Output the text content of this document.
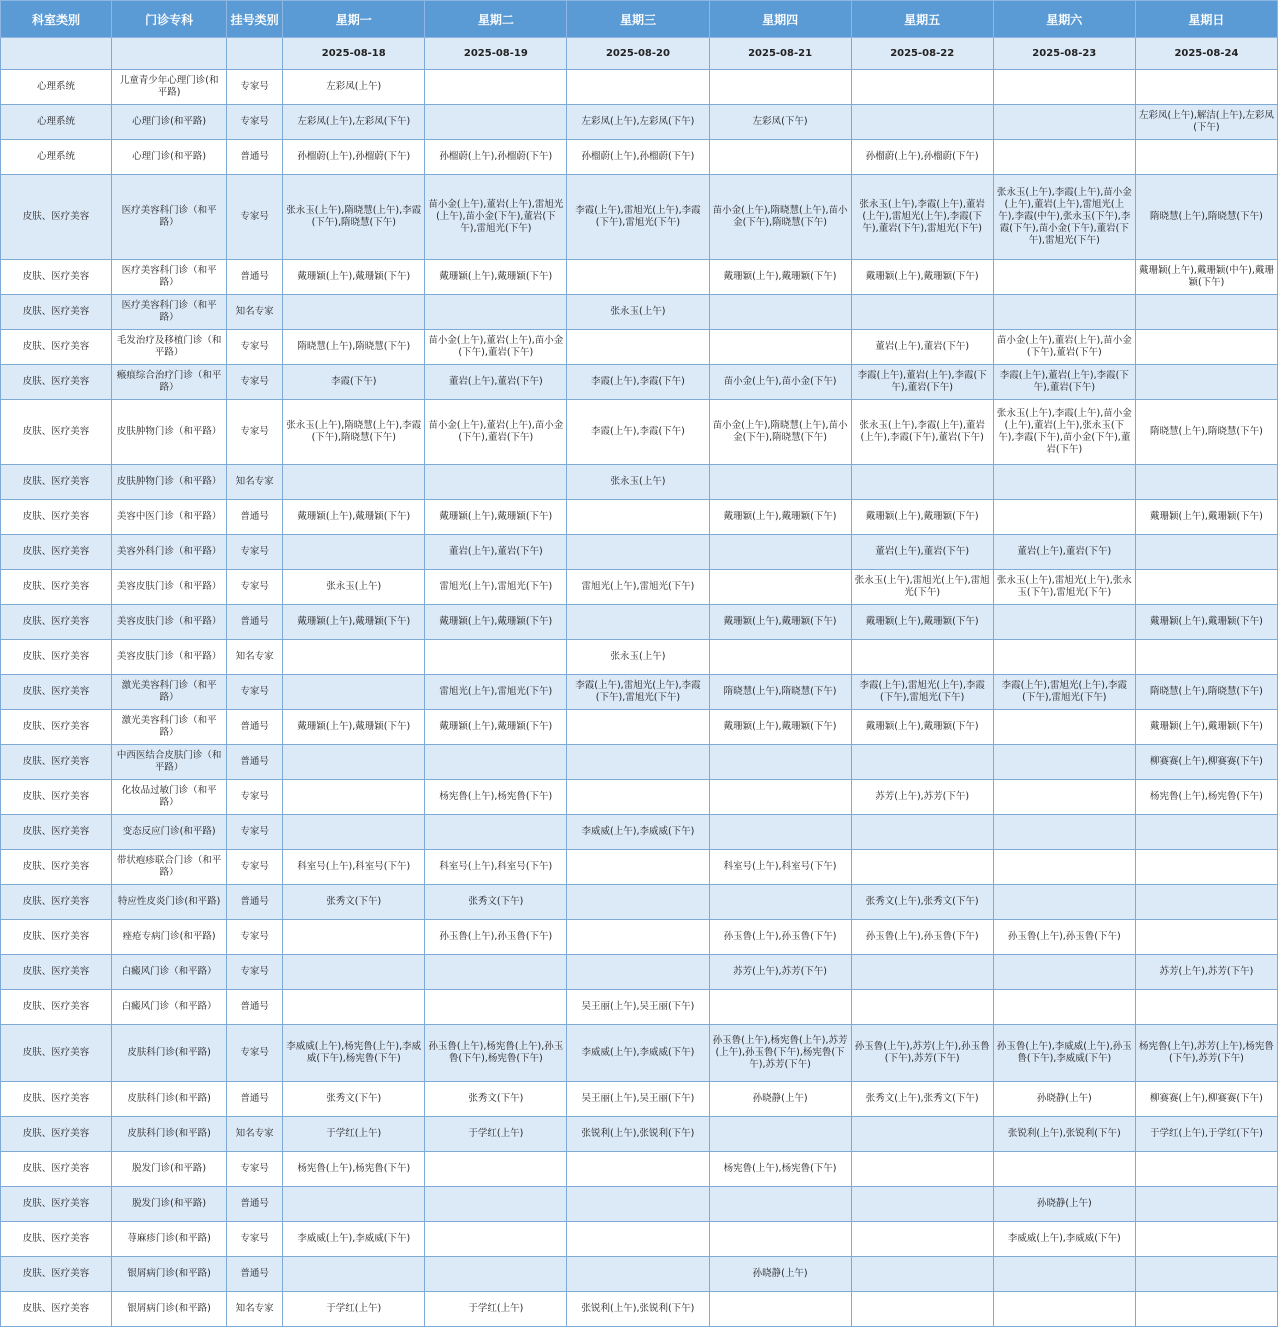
科室类别	门诊专科	挂号类别	星期一	星期二	星期三	星期四	星期五	星期六	星期日
			2025-08-18	2025-08-19	2025-08-20	2025-08-21	2025-08-22	2025-08-23	2025-08-24
心理系统	儿童青少年心理门诊(和平路)	专家号	左彩凤(上午)						
心理系统	心理门诊(和平路)	专家号	左彩凤(上午),左彩凤(下午)		左彩凤(上午),左彩凤(下午)	左彩凤(下午)			左彩凤(上午),解洁(上午),左彩凤(下午)
心理系统	心理门诊(和平路)	普通号	孙榴蔚(上午),孙榴蔚(下午)	孙榴蔚(上午),孙榴蔚(下午)	孙榴蔚(上午),孙榴蔚(下午)		孙榴蔚(上午),孙榴蔚(下午)		
皮肤、医疗美容	医疗美容科门诊（和平路）	专家号	张永玉(上午),隋晓慧(上午),李霞(下午),隋晓慧(下午)	苗小金(上午),董岩(上午),雷旭光(上午),苗小金(下午),董岩(下午),雷旭光(下午)	李霞(上午),雷旭光(上午),李霞(下午),雷旭光(下午)	苗小金(上午),隋晓慧(上午),苗小金(下午),隋晓慧(下午)	张永玉(上午),李霞(上午),董岩(上午),雷旭光(上午),李霞(下午),董岩(下午),雷旭光(下午)	张永玉(上午),李霞(上午),苗小金(上午),董岩(上午),雷旭光(上午),李霞(中午),张永玉(下午),李霞(下午),苗小金(下午),董岩(下午),雷旭光(下午)	隋晓慧(上午),隋晓慧(下午)
皮肤、医疗美容	医疗美容科门诊（和平路）	普通号	戴珊颖(上午),戴珊颖(下午)	戴珊颖(上午),戴珊颖(下午)		戴珊颖(上午),戴珊颖(下午)	戴珊颖(上午),戴珊颖(下午)		戴珊颖(上午),戴珊颖(中午),戴珊颖(下午)
皮肤、医疗美容	医疗美容科门诊（和平路）	知名专家			张永玉(上午)				
皮肤、医疗美容	毛发治疗及移植门诊（和平路）	专家号	隋晓慧(上午),隋晓慧(下午)	苗小金(上午),董岩(上午),苗小金(下午),董岩(下午)			董岩(上午),董岩(下午)	苗小金(上午),董岩(上午),苗小金(下午),董岩(下午)	
皮肤、医疗美容	瘢痕综合治疗门诊（和平路）	专家号	李霞(下午)	董岩(上午),董岩(下午)	李霞(上午),李霞(下午)	苗小金(上午),苗小金(下午)	李霞(上午),董岩(上午),李霞(下午),董岩(下午)	李霞(上午),董岩(上午),李霞(下午),董岩(下午)	
皮肤、医疗美容	皮肤肿物门诊（和平路）	专家号	张永玉(上午),隋晓慧(上午),李霞(下午),隋晓慧(下午)	苗小金(上午),董岩(上午),苗小金(下午),董岩(下午)	李霞(上午),李霞(下午)	苗小金(上午),隋晓慧(上午),苗小金(下午),隋晓慧(下午)	张永玉(上午),李霞(上午),董岩(上午),李霞(下午),董岩(下午)	张永玉(上午),李霞(上午),苗小金(上午),董岩(上午),张永玉(下午),李霞(下午),苗小金(下午),董岩(下午)	隋晓慧(上午),隋晓慧(下午)
皮肤、医疗美容	皮肤肿物门诊（和平路）	知名专家			张永玉(上午)				
皮肤、医疗美容	美容中医门诊（和平路）	普通号	戴珊颖(上午),戴珊颖(下午)	戴珊颖(上午),戴珊颖(下午)		戴珊颖(上午),戴珊颖(下午)	戴珊颖(上午),戴珊颖(下午)		戴珊颖(上午),戴珊颖(下午)
皮肤、医疗美容	美容外科门诊（和平路）	专家号		董岩(上午),董岩(下午)			董岩(上午),董岩(下午)	董岩(上午),董岩(下午)	
皮肤、医疗美容	美容皮肤门诊（和平路）	专家号	张永玉(上午)	雷旭光(上午),雷旭光(下午)	雷旭光(上午),雷旭光(下午)		张永玉(上午),雷旭光(上午),雷旭光(下午)	张永玉(上午),雷旭光(上午),张永玉(下午),雷旭光(下午)	
皮肤、医疗美容	美容皮肤门诊（和平路）	普通号	戴珊颖(上午),戴珊颖(下午)	戴珊颖(上午),戴珊颖(下午)		戴珊颖(上午),戴珊颖(下午)	戴珊颖(上午),戴珊颖(下午)		戴珊颖(上午),戴珊颖(下午)
皮肤、医疗美容	美容皮肤门诊（和平路）	知名专家			张永玉(上午)				
皮肤、医疗美容	激光美容科门诊（和平路）	专家号		雷旭光(上午),雷旭光(下午)	李霞(上午),雷旭光(上午),李霞(下午),雷旭光(下午)	隋晓慧(上午),隋晓慧(下午)	李霞(上午),雷旭光(上午),李霞(下午),雷旭光(下午)	李霞(上午),雷旭光(上午),李霞(下午),雷旭光(下午)	隋晓慧(上午),隋晓慧(下午)
皮肤、医疗美容	激光美容科门诊（和平路）	普通号	戴珊颖(上午),戴珊颖(下午)	戴珊颖(上午),戴珊颖(下午)		戴珊颖(上午),戴珊颖(下午)	戴珊颖(上午),戴珊颖(下午)		戴珊颖(上午),戴珊颖(下午)
皮肤、医疗美容	中西医结合皮肤门诊（和平路）	普通号							柳赛赛(上午),柳赛赛(下午)
皮肤、医疗美容	化妆品过敏门诊（和平路）	专家号		杨宪鲁(上午),杨宪鲁(下午)			苏芳(上午),苏芳(下午)		杨宪鲁(上午),杨宪鲁(下午)
皮肤、医疗美容	变态反应门诊(和平路)	专家号			李威威(上午),李威威(下午)				
皮肤、医疗美容	带状疱疹联合门诊（和平路）	专家号	科室号(上午),科室号(下午)	科室号(上午),科室号(下午)		科室号(上午),科室号(下午)			
皮肤、医疗美容	特应性皮炎门诊(和平路)	普通号	张秀文(下午)	张秀文(下午)			张秀文(上午),张秀文(下午)		
皮肤、医疗美容	痤疮专病门诊(和平路)	专家号		孙玉鲁(上午),孙玉鲁(下午)		孙玉鲁(上午),孙玉鲁(下午)	孙玉鲁(上午),孙玉鲁(下午)	孙玉鲁(上午),孙玉鲁(下午)	
皮肤、医疗美容	白癜风门诊（和平路）	专家号				苏芳(上午),苏芳(下午)			苏芳(上午),苏芳(下午)
皮肤、医疗美容	白癜风门诊（和平路）	普通号			吴王丽(上午),吴王丽(下午)				
皮肤、医疗美容	皮肤科门诊(和平路)	专家号	李威威(上午),杨宪鲁(上午),李威威(下午),杨宪鲁(下午)	孙玉鲁(上午),杨宪鲁(上午),孙玉鲁(下午),杨宪鲁(下午)	李威威(上午),李威威(下午)	孙玉鲁(上午),杨宪鲁(上午),苏芳(上午),孙玉鲁(下午),杨宪鲁(下午),苏芳(下午)	孙玉鲁(上午),苏芳(上午),孙玉鲁(下午),苏芳(下午)	孙玉鲁(上午),李威威(上午),孙玉鲁(下午),李威威(下午)	杨宪鲁(上午),苏芳(上午),杨宪鲁(下午),苏芳(下午)
皮肤、医疗美容	皮肤科门诊(和平路)	普通号	张秀文(下午)	张秀文(下午)	吴王丽(上午),吴王丽(下午)	孙晓静(上午)	张秀文(上午),张秀文(下午)	孙晓静(上午)	柳赛赛(上午),柳赛赛(下午)
皮肤、医疗美容	皮肤科门诊(和平路)	知名专家	于学红(上午)	于学红(上午)	张锐利(上午),张锐利(下午)			张锐利(上午),张锐利(下午)	于学红(上午),于学红(下午)
皮肤、医疗美容	脱发门诊(和平路)	专家号	杨宪鲁(上午),杨宪鲁(下午)			杨宪鲁(上午),杨宪鲁(下午)			
皮肤、医疗美容	脱发门诊(和平路)	普通号						孙晓静(上午)	
皮肤、医疗美容	荨麻疹门诊(和平路)	专家号	李威威(上午),李威威(下午)					李威威(上午),李威威(下午)	
皮肤、医疗美容	银屑病门诊(和平路)	普通号				孙晓静(上午)			
皮肤、医疗美容	银屑病门诊(和平路)	知名专家	于学红(上午)	于学红(上午)	张锐利(上午),张锐利(下午)				
